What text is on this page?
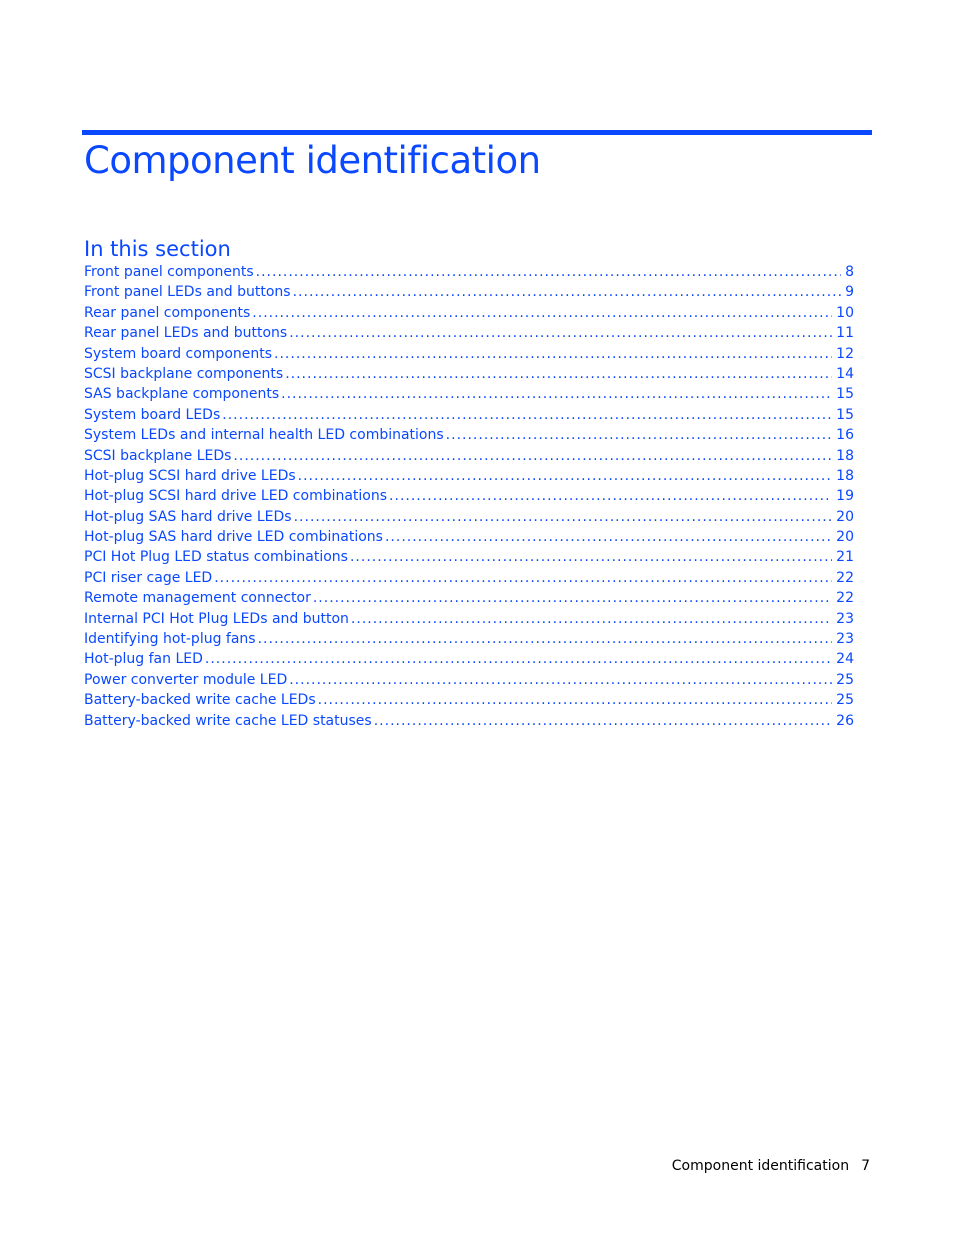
Component identification
In this section
Front panel components .....	8
Front panel LEDs and buttons .....	9
Rear panel components .....	10
Rear panel LEDs and buttons .....	11
System board components .....	12
SCSI backplane components .....	14
SAS backplane components .....	15
System board LEDs .....	15
System LEDs and internal health LED combinations .....	16
SCSI backplane LEDs .....	18
Hot-plug SCSI hard drive LEDs .....	18
Hot-plug SCSI hard drive LED combinations .....	19
Hot-plug SAS hard drive LEDs .....	20
Hot-plug SAS hard drive LED combinations .....	20
PCI Hot Plug LED status combinations .....	21
PCI riser cage LED .....	22
Remote management connector .....	22
Internal PCI Hot Plug LEDs and button .....	23
Identifying hot-plug fans .....	23
Hot-plug fan LED .....	24
Power converter module LED .....	25
Battery-backed write cache LEDs .....	25
Battery-backed write cache LED statuses .....	26
Component identification 7
